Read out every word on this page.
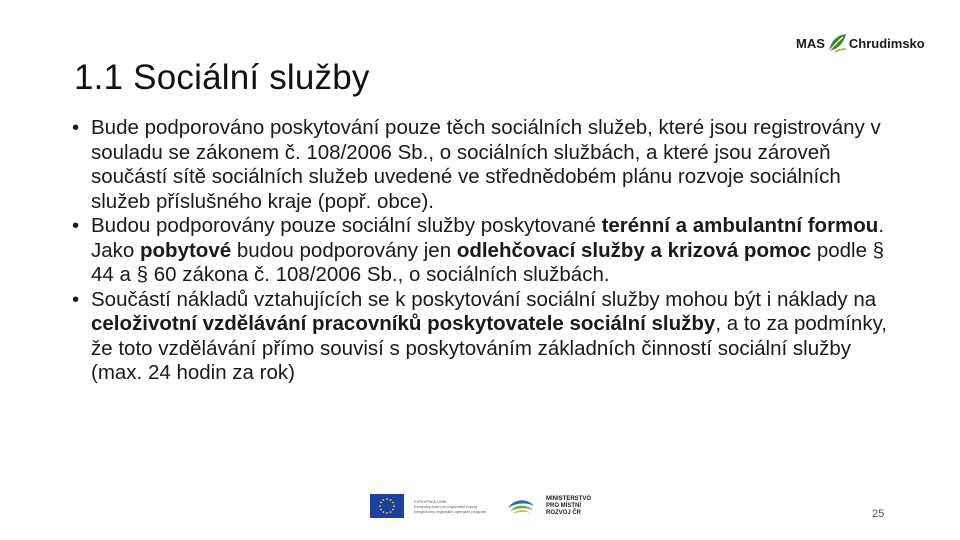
MAS Chrudimsko
1.1 Sociální služby
• Bude podporováno poskytování pouze těch sociálních služeb, které jsou registrovány v souladu se zákonem č. 108/2006 Sb., o sociálních službách, a které jsou zároveň součástí sítě sociálních služeb uvedené ve střednědobém plánu rozvoje sociálních služeb příslušného kraje (popř. obce).
• Budou podporovány pouze sociální služby poskytované terénní a ambulantní formou. Jako pobytové budou podporovány jen odlehčovací služby a krizová pomoc podle § 44 a § 60 zákona č. 108/2006 Sb., o sociálních službách.
• Součástí nákladů vztahujících se k poskytování sociální služby mohou být i náklady na celoživotní vzdělávání pracovníků poskytovatele sociální služby, a to za podmínky, že toto vzdělávání přímo souvisí s poskytováním základních činností sociální služby (max. 24 hodin za rok)
EVROPSKÁ UNIE
Evropský fond pro regionální rozvoj
Integrovaný regionální operační program
MINISTERSTVO
PRO MÍSTNÍ
ROZVOJ ČR	25
